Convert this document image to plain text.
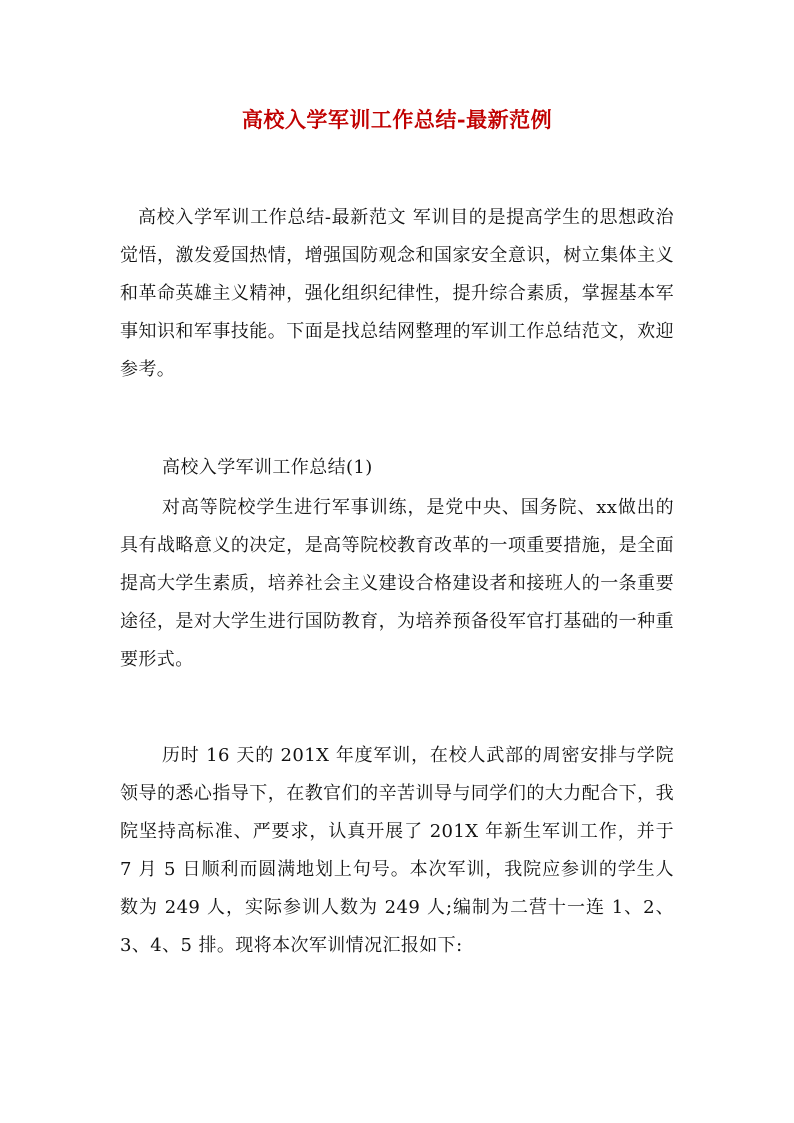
高校入学军训工作总结-最新范例

高校入学军训工作总结-最新范文 军训目的是提高学生的思想政治觉悟，激发爱国热情，增强国防观念和国家安全意识，树立集体主义和革命英雄主义精神，强化组织纪律性，提升综合素质，掌握基本军事知识和军事技能。下面是找总结网整理的军训工作总结范文，欢迎参考。

高校入学军训工作总结(1)

对高等院校学生进行军事训练，是党中央、国务院、xx做出的具有战略意义的决定，是高等院校教育改革的一项重要措施，是全面提高大学生素质，培养社会主义建设合格建设者和接班人的一条重要途径，是对大学生进行国防教育，为培养预备役军官打基础的一种重要形式。

历时 16 天的 201X 年度军训，在校人武部的周密安排与学院领导的悉心指导下，在教官们的辛苦训导与同学们的大力配合下，我院坚持高标准、严要求，认真开展了 201X 年新生军训工作，并于 7 月 5 日顺利而圆满地划上句号。本次军训，我院应参训的学生人数为 249 人，实际参训人数为 249 人;编制为二营十一连 1、2、3、4、5 排。现将本次军训情况汇报如下:
